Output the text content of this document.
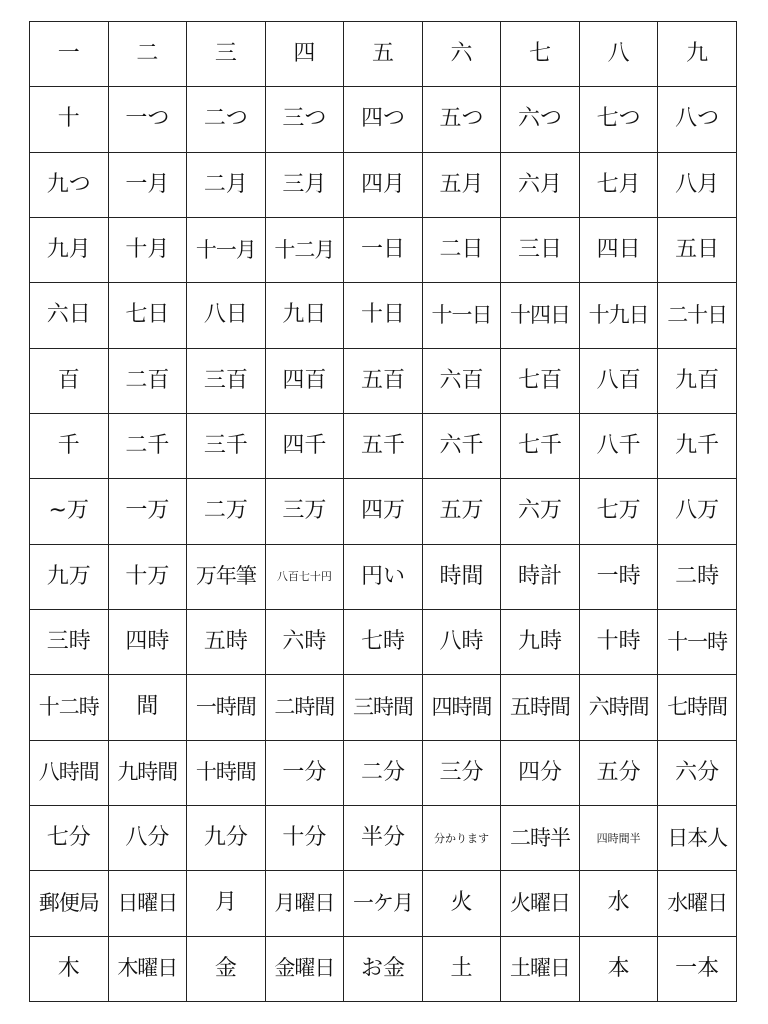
一	二	三	四	五	六	七	八	九
十	一つ	二つ	三つ	四つ	五つ	六つ	七つ	八つ
九つ	一月	二月	三月	四月	五月	六月	七月	八月
九月	十月	十一月	十二月	一日	二日	三日	四日	五日
六日	七日	八日	九日	十日	十一日	十四日	十九日	二十日
百	二百	三百	四百	五百	六百	七百	八百	九百
千	二千	三千	四千	五千	六千	七千	八千	九千
~万	一万	二万	三万	四万	五万	六万	七万	八万
九万	十万	万年筆	八百七十円	円い	時間	時計	一時	二時
三時	四時	五時	六時	七時	八時	九時	十時	十一時
十二時	間	一時間	二時間	三時間	四時間	五時間	六時間	七時間
八時間	九時間	十時間	一分	二分	三分	四分	五分	六分
七分	八分	九分	十分	半分	分かります	二時半	四時間半	日本人
郵便局	日曜日	月	月曜日	一ケ月	火	火曜日	水	水曜日
木	木曜日	金	金曜日	お金	土	土曜日	本	一本
